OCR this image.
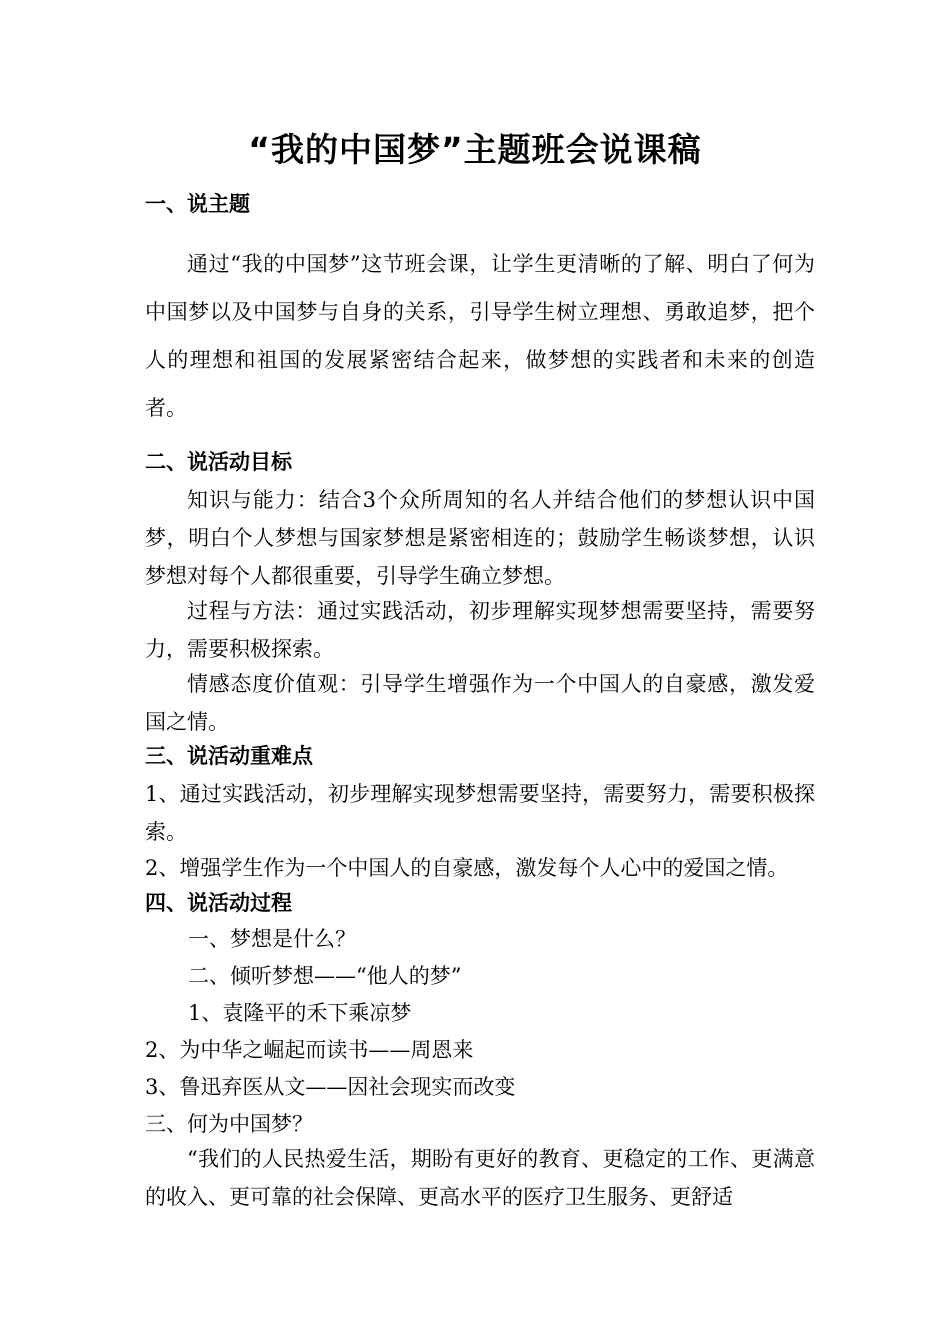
“我的中国梦”主题班会说课稿
一、说主题

通过“我的中国梦”这节班会课，让学生更清晰的了解、明白了何为中国梦以及中国梦与自身的关系，引导学生树立理想、勇敢追梦，把个人的理想和祖国的发展紧密结合起来，做梦想的实践者和未来的创造者。

二、说活动目标

知识与能力：结合3个众所周知的名人并结合他们的梦想认识中国梦，明白个人梦想与国家梦想是紧密相连的；鼓励学生畅谈梦想，认识梦想对每个人都很重要，引导学生确立梦想。

过程与方法：通过实践活动，初步理解实现梦想需要坚持，需要努力，需要积极探索。

情感态度价值观：引导学生增强作为一个中国人的自豪感，激发爱国之情。

三、说活动重难点

1、通过实践活动，初步理解实现梦想需要坚持，需要努力，需要积极探索。

2、增强学生作为一个中国人的自豪感，激发每个人心中的爱国之情。

四、说活动过程

一、梦想是什么？

二、倾听梦想——“他人的梦”

1、袁隆平的禾下乘凉梦

2、为中华之崛起而读书——周恩来

3、鲁迅弃医从文——因社会现实而改变

三、何为中国梦？

“我们的人民热爱生活，期盼有更好的教育、更稳定的工作、更满意的收入、更可靠的社会保障、更高水平的医疗卫生服务、更舒适
